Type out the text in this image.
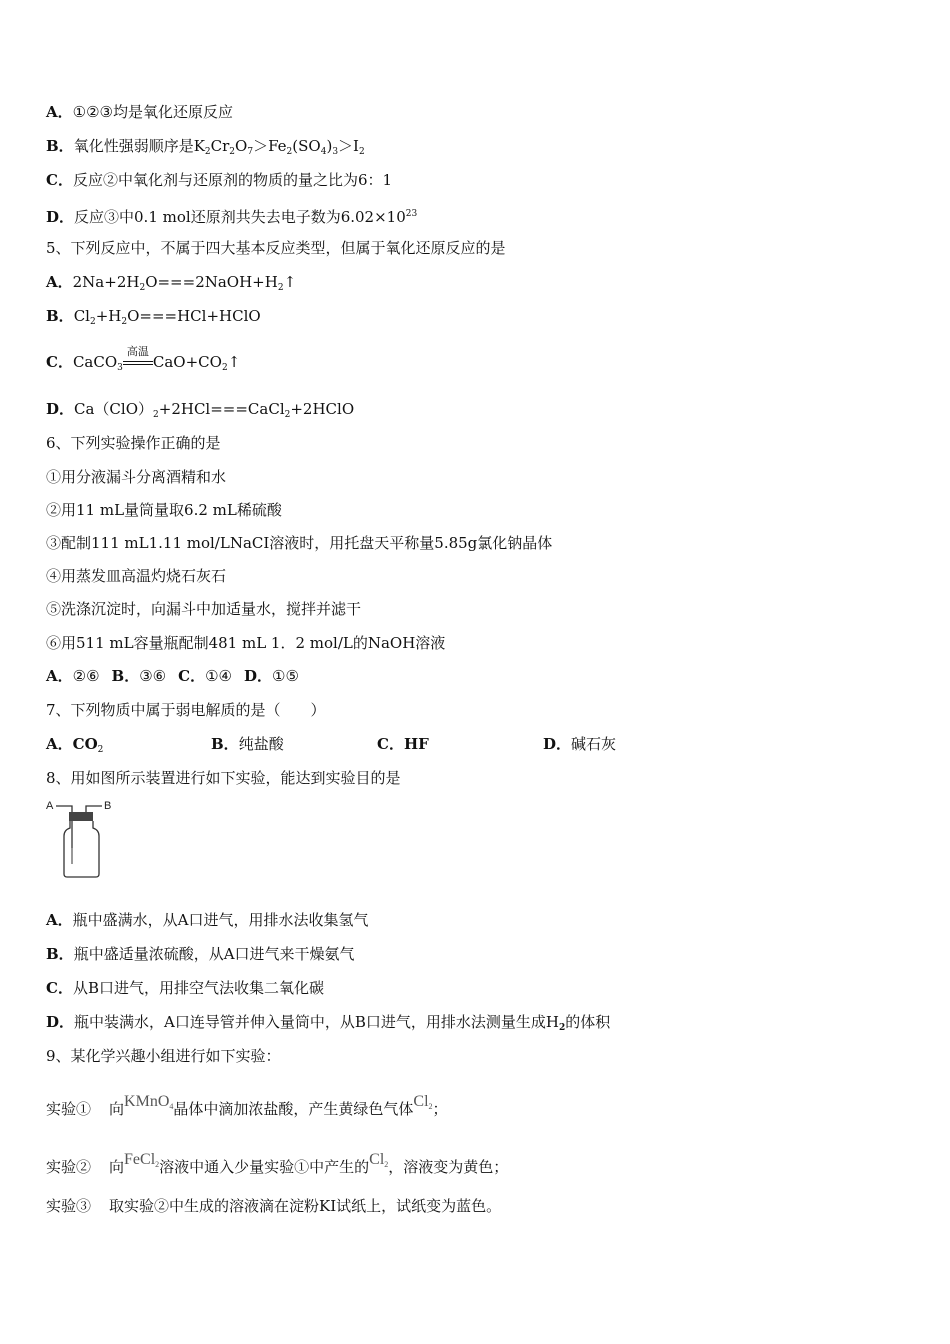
A．①②③均是氧化还原反应
B．氧化性强弱顺序是$K_2Cr_2O_7>Fe_2(SO_4)_3>I_2$
C．反应②中氧化剂与还原剂的物质的量之比为6：1
D．反应③中0.1 mol还原剂共失去电子数为$6.02\times 10^{23}$
5、下列反应中，不属于四大基本反应类型，但属于氧化还原反应的是
A．$2Na+2H_2O===2NaOH+H_2↑$
B．$Cl_2+H_2O===HCl+HClO$
C．CaCO$_3$
高温
$CaO+CO_2↑$
D．$Ca(ClO)_2+2HCl===CaCl_2+2HClO$
6、下列实验操作正确的是
①用分液漏斗分离酒精和水
②用11 mL量筒量取6.2 mL稀硫酸
③配制111 mL1.11 mol/LNaCI溶液时，用托盘天平称量5.85g氯化钠晶体
④用蒸发皿高温灼烧石灰石
⑤洗涤沉淀时，向漏斗中加适量水，搅拌并滤干
⑥用511 mL容量瓶配制481 mL 1．2 mol/L的NaOH溶液
A．②⑥ B．③⑥ C．①④ D．①⑤
7、下列物质中属于弱电解质的是（　　）
A．$CO_2$	B．纯盐酸	C．HF	D．碱石灰
8、用如图所示装置进行如下实验，能达到实验目的是
A	B
A．瓶中盛满水，从A口进气，用排水法收集氢气
B．瓶中盛适量浓硫酸，从A口进气来干燥氨气
C．从B口进气，用排空气法收集二氧化碳
D．瓶中装满水，A口连导管并伸入量筒中，从B口进气，用排水法测量生成$H_2$的体积
9、某化学兴趣小组进行如下实验：
实验① 向KMnO$_4$晶体中滴加浓盐酸，产生黄绿色气体$Cl_2$；
实验② 向FeCl$_2$溶液中通入少量实验①中产生的$Cl_2$，溶液变为黄色；
实验③ 取实验②中生成的溶液滴在淀粉KI试纸上，试纸变为蓝色。
